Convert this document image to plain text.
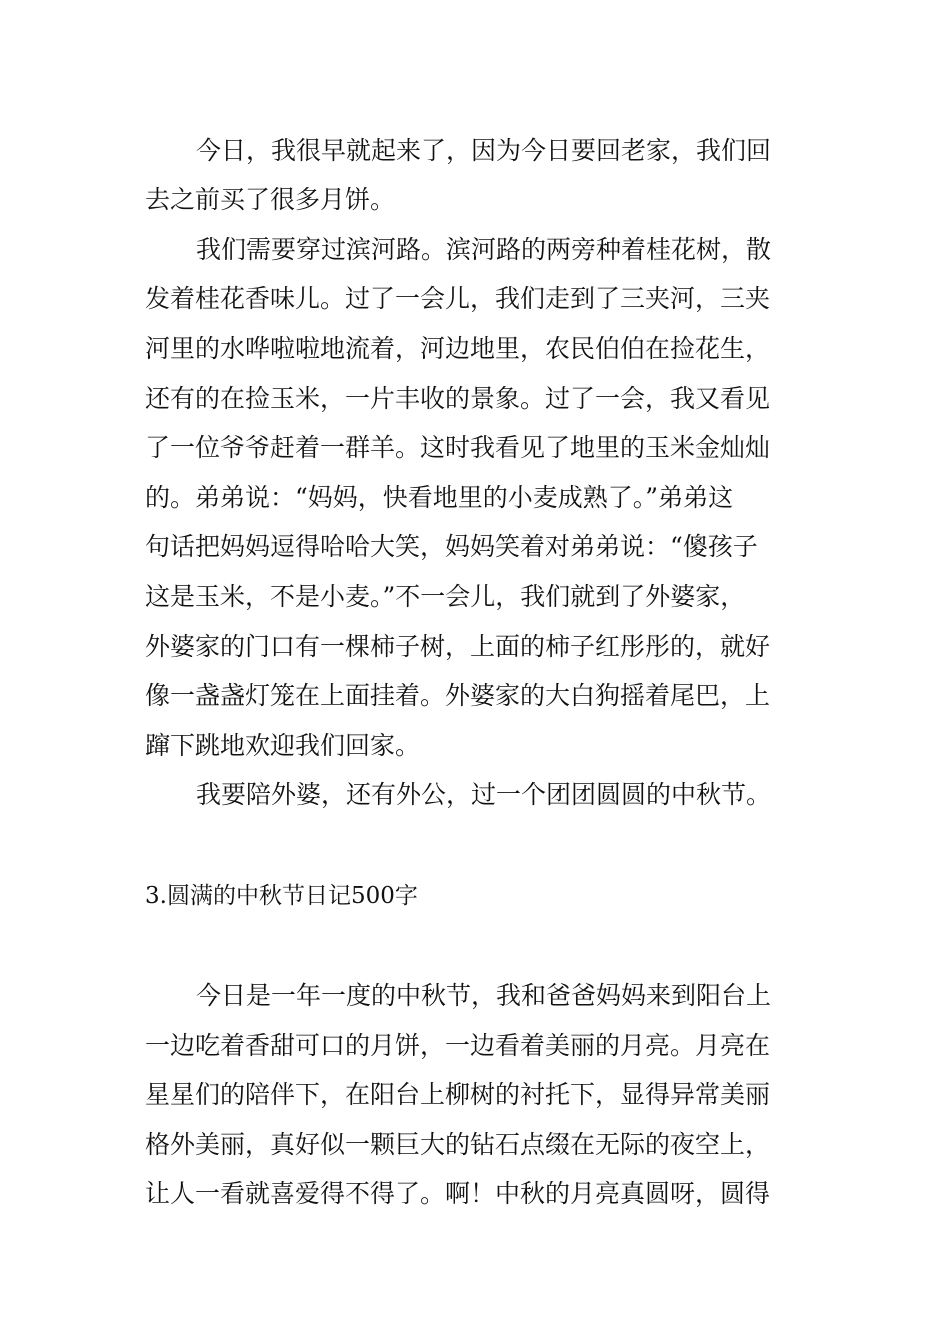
今日，我很早就起来了，因为今日要回老家，我们回
去之前买了很多月饼。
我们需要穿过滨河路。滨河路的两旁种着桂花树，散
发着桂花香味儿。过了一会儿，我们走到了三夹河，三夹
河里的水哗啦啦地流着，河边地里，农民伯伯在捡花生，
还有的在捡玉米，一片丰收的景象。过了一会，我又看见
了一位爷爷赶着一群羊。这时我看见了地里的玉米金灿灿
的。弟弟说：“妈妈，快看地里的小麦成熟了。”弟弟这
句话把妈妈逗得哈哈大笑，妈妈笑着对弟弟说：“傻孩子
这是玉米，不是小麦。”不一会儿，我们就到了外婆家，
外婆家的门口有一棵柿子树，上面的柿子红彤彤的，就好
像一盏盏灯笼在上面挂着。外婆家的大白狗摇着尾巴，上
蹿下跳地欢迎我们回家。
我要陪外婆，还有外公，过一个团团圆圆的中秋节。
3.圆满的中秋节日记500字
今日是一年一度的中秋节，我和爸爸妈妈来到阳台上
一边吃着香甜可口的月饼，一边看着美丽的月亮。月亮在
星星们的陪伴下，在阳台上柳树的衬托下，显得异常美丽
格外美丽，真好似一颗巨大的钻石点缀在无际的夜空上，
让人一看就喜爱得不得了。啊！中秋的月亮真圆呀，圆得
